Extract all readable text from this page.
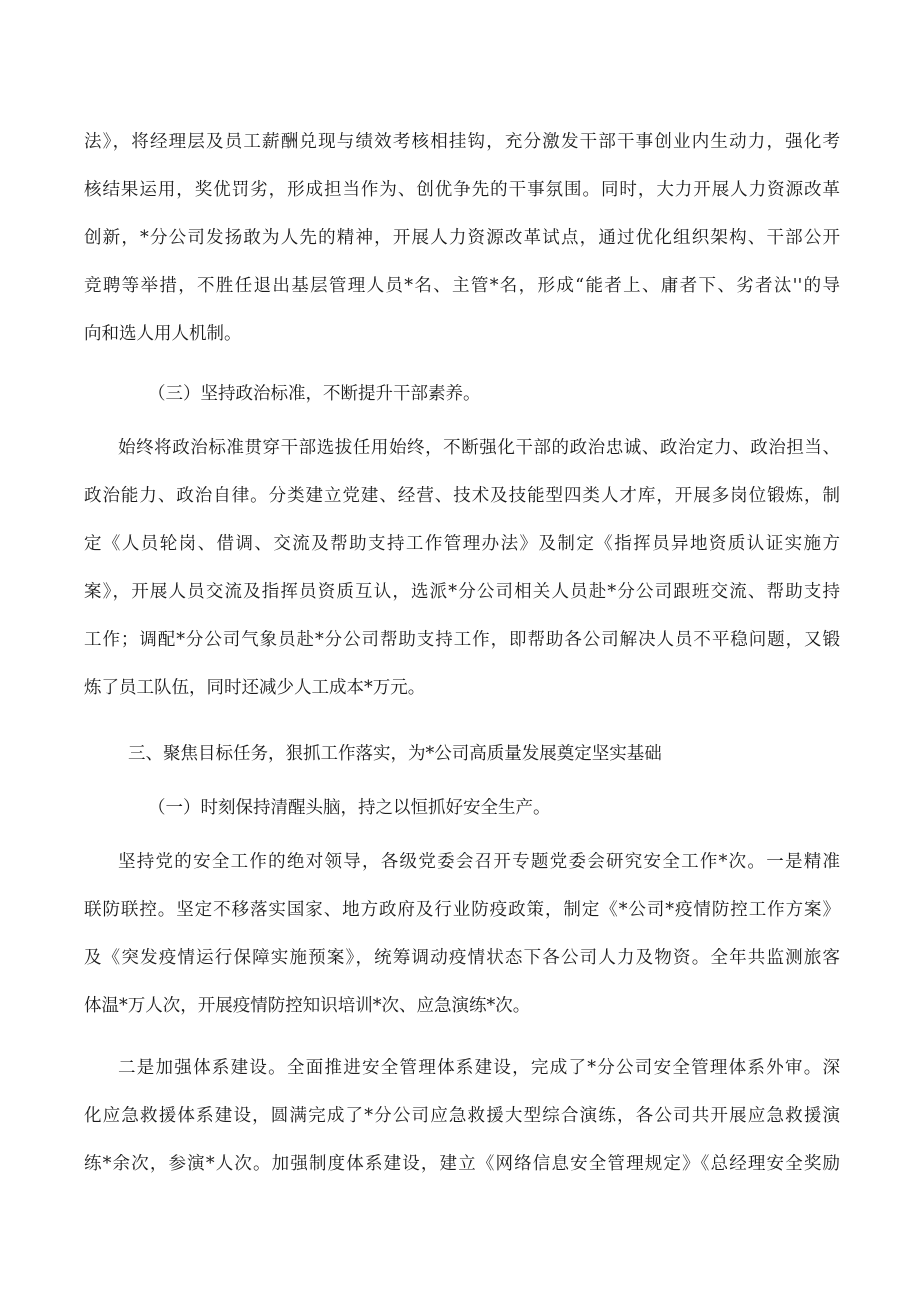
法》，将经理层及员工薪酬兑现与绩效考核相挂钩，充分激发干部干事创业内生动力，强化考
核结果运用，奖优罚劣，形成担当作为、创优争先的干事氛围。同时，大力开展人力资源改革
创新，*分公司发扬敢为人先的精神，开展人力资源改革试点，通过优化组织架构、干部公开
竞聘等举措，不胜任退出基层管理人员*名、主管*名，形成“能者上、庸者下、劣者汰''的导
向和选人用人机制。
（三）坚持政治标准，不断提升干部素养。
始终将政治标准贯穿干部选拔任用始终，不断强化干部的政治忠诚、政治定力、政治担当、
政治能力、政治自律。分类建立党建、经营、技术及技能型四类人才库，开展多岗位锻炼，制
定《人员轮岗、借调、交流及帮助支持工作管理办法》及制定《指挥员异地资质认证实施方
案》，开展人员交流及指挥员资质互认，选派*分公司相关人员赴*分公司跟班交流、帮助支持
工作；调配*分公司气象员赴*分公司帮助支持工作，即帮助各公司解决人员不平稳问题，又锻
炼了员工队伍，同时还减少人工成本*万元。
三、聚焦目标任务，狠抓工作落实，为*公司高质量发展奠定坚实基础
（一）时刻保持清醒头脑，持之以恒抓好安全生产。
坚持党的安全工作的绝对领导，各级党委会召开专题党委会研究安全工作*次。一是精准
联防联控。坚定不移落实国家、地方政府及行业防疫政策，制定《*公司*疫情防控工作方案》
及《突发疫情运行保障实施预案》，统筹调动疫情状态下各公司人力及物资。全年共监测旅客
体温*万人次，开展疫情防控知识培训*次、应急演练*次。
二是加强体系建设。全面推进安全管理体系建设，完成了*分公司安全管理体系外审。深
化应急救援体系建设，圆满完成了*分公司应急救援大型综合演练，各公司共开展应急救援演
练*余次，参演*人次。加强制度体系建设，建立《网络信息安全管理规定》《总经理安全奖励
